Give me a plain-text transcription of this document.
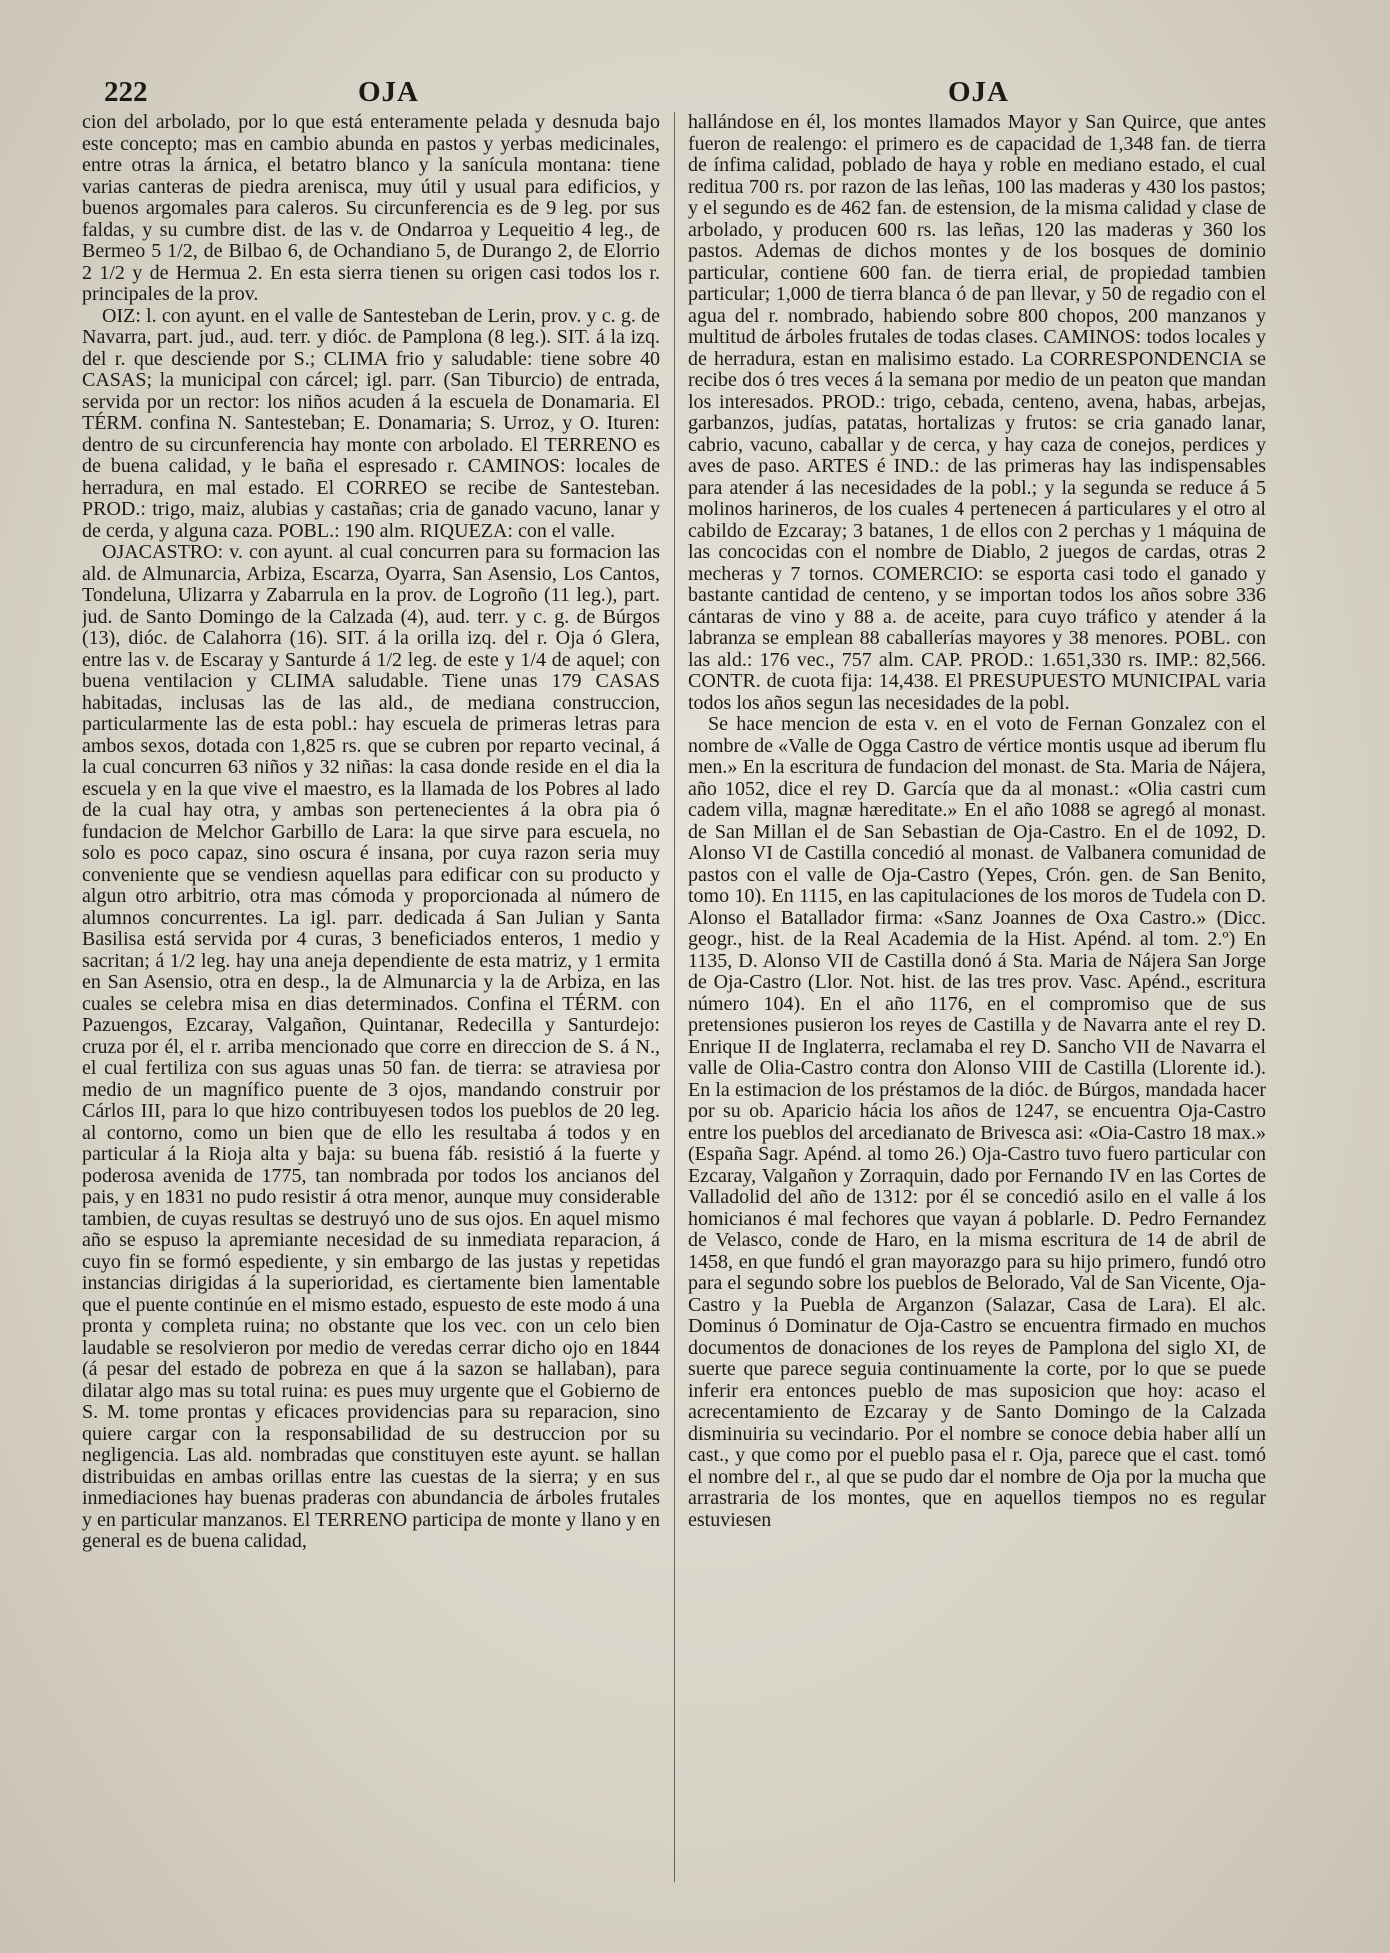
222	OJA	OJA

cion del arbolado, por lo que está enteramente pelada y desnuda bajo este concepto; mas en cambio abunda en pastos y yerbas medicinales, entre otras la árnica, el betatro blanco y la sanícula montana: tiene varias canteras de piedra arenisca, muy útil y usual para edificios, y buenos argomales para caleros. Su circunferencia es de 9 leg. por sus faldas, y su cumbre dist. de las v. de Ondarroa y Lequeitio 4 leg., de Bermeo 5 1/2, de Bilbao 6, de Ochandiano 5, de Durango 2, de Elorrio 2 1/2 y de Hermua 2. En esta sierra tienen su origen casi todos los r. principales de la prov.

OIZ: l. con ayunt. en el valle de Santesteban de Lerin, prov. y c. g. de Navarra, part. jud., aud. terr. y dióc. de Pamplona (8 leg.). SIT. á la izq. del r. que desciende por S.; CLIMA frio y saludable: tiene sobre 40 CASAS; la municipal con cárcel; igl. parr. (San Tiburcio) de entrada, servida por un rector: los niños acuden á la escuela de Donamaria. El TÉRM. confina N. Santesteban; E. Donamaria; S. Urroz, y O. Ituren: dentro de su circunferencia hay monte con arbolado. El TERRENO es de buena calidad, y le baña el espresado r. CAMINOS: locales de herradura, en mal estado. El CORREO se recibe de Santesteban. PROD.: trigo, maiz, alubias y castañas; cria de ganado vacuno, lanar y de cerda, y alguna caza. POBL.: 190 alm. RIQUEZA: con el valle.

OJACASTRO: v. con ayunt. al cual concurren para su formacion las ald. de Almunarcia, Arbiza, Escarza, Oyarra, San Asensio, Los Cantos, Tondeluna, Ulizarra y Zabarrula en la prov. de Logroño (11 leg.), part. jud. de Santo Domingo de la Calzada (4), aud. terr. y c. g. de Búrgos (13), dióc. de Calahorra (16). SIT. á la orilla izq. del r. Oja ó Glera, entre las v. de Escaray y Santurde á 1/2 leg. de este y 1/4 de aquel; con buena ventilacion y CLIMA saludable. Tiene unas 179 CASAS habitadas, inclusas las de las ald., de mediana construccion, particularmente las de esta pobl.: hay escuela de primeras letras para ambos sexos, dotada con 1,825 rs. que se cubren por reparto vecinal, á la cual concurren 63 niños y 32 niñas: la casa donde reside en el dia la escuela y en la que vive el maestro, es la llamada de los Pobres al lado de la cual hay otra, y ambas son pertenecientes á la obra pia ó fundacion de Melchor Garbillo de Lara: la que sirve para escuela, no solo es poco capaz, sino oscura é insana, por cuya razon seria muy conveniente que se vendiesn aquellas para edificar con su producto y algun otro arbitrio, otra mas cómoda y proporcionada al número de alumnos concurrentes. La igl. parr. dedicada á San Julian y Santa Basilisa está servida por 4 curas, 3 beneficiados enteros, 1 medio y sacritan; á 1/2 leg. hay una aneja dependiente de esta matriz, y 1 ermita en San Asensio, otra en desp., la de Almunarcia y la de Arbiza, en las cuales se celebra misa en dias determinados. Confina el TÉRM. con Pazuengos, Ezcaray, Valgañon, Quintanar, Redecilla y Santurdejo: cruza por él, el r. arriba mencionado que corre en direccion de S. á N., el cual fertiliza con sus aguas unas 50 fan. de tierra: se atraviesa por medio de un magnífico puente de 3 ojos, mandando construir por Cárlos III, para lo que hizo contribuyesen todos los pueblos de 20 leg. al contorno, como un bien que de ello les resultaba á todos y en particular á la Rioja alta y baja: su buena fáb. resistió á la fuerte y poderosa avenida de 1775, tan nombrada por todos los ancianos del pais, y en 1831 no pudo resistir á otra menor, aunque muy considerable tambien, de cuyas resultas se destruyó uno de sus ojos. En aquel mismo año se espuso la apremiante necesidad de su inmediata reparacion, á cuyo fin se formó espediente, y sin embargo de las justas y repetidas instancias dirigidas á la superioridad, es ciertamente bien lamentable que el puente continúe en el mismo estado, espuesto de este modo á una pronta y completa ruina; no obstante que los vec. con un celo bien laudable se resolvieron por medio de veredas cerrar dicho ojo en 1844 (á pesar del estado de pobreza en que á la sazon se hallaban), para dilatar algo mas su total ruina: es pues muy urgente que el Gobierno de S. M. tome prontas y eficaces providencias para su reparacion, sino quiere cargar con la responsabilidad de su destruccion por su negligencia. Las ald. nombradas que constituyen este ayunt. se hallan distribuidas en ambas orillas entre las cuestas de la sierra; y en sus inmediaciones hay buenas praderas con abundancia de árboles frutales y en particular manzanos. El TERRENO participa de monte y llano y en general es de buena calidad,

hallándose en él, los montes llamados Mayor y San Quirce, que antes fueron de realengo: el primero es de capacidad de 1,348 fan. de tierra de ínfima calidad, poblado de haya y roble en mediano estado, el cual reditua 700 rs. por razon de las leñas, 100 las maderas y 430 los pastos; y el segundo es de 462 fan. de estension, de la misma calidad y clase de arbolado, y producen 600 rs. las leñas, 120 las maderas y 360 los pastos. Ademas de dichos montes y de los bosques de dominio particular, contiene 600 fan. de tierra erial, de propiedad tambien particular; 1,000 de tierra blanca ó de pan llevar, y 50 de regadio con el agua del r. nombrado, habiendo sobre 800 chopos, 200 manzanos y multitud de árboles frutales de todas clases. CAMINOS: todos locales y de herradura, estan en malisimo estado. La CORRESPONDENCIA se recibe dos ó tres veces á la semana por medio de un peaton que mandan los interesados. PROD.: trigo, cebada, centeno, avena, habas, arbejas, garbanzos, judías, patatas, hortalizas y frutos: se cria ganado lanar, cabrio, vacuno, caballar y de cerca, y hay caza de conejos, perdices y aves de paso. ARTES é IND.: de las primeras hay las indispensables para atender á las necesidades de la pobl.; y la segunda se reduce á 5 molinos harineros, de los cuales 4 pertenecen á particulares y el otro al cabildo de Ezcaray; 3 batanes, 1 de ellos con 2 perchas y 1 máquina de las concocidas con el nombre de Diablo, 2 juegos de cardas, otras 2 mecheras y 7 tornos. COMERCIO: se esporta casi todo el ganado y bastante cantidad de centeno, y se importan todos los años sobre 336 cántaras de vino y 88 a. de aceite, para cuyo tráfico y atender á la labranza se emplean 88 caballerías mayores y 38 menores. POBL. con las ald.: 176 vec., 757 alm. CAP. PROD.: 1.651,330 rs. IMP.: 82,566. CONTR. de cuota fija: 14,438. El PRESUPUESTO MUNICIPAL varia todos los años segun las necesidades de la pobl.

Se hace mencion de esta v. en el voto de Fernan Gonzalez con el nombre de «Valle de Ogga Castro de vértice montis usque ad iberum flu men.» En la escritura de fundacion del monast. de Sta. Maria de Nájera, año 1052, dice el rey D. García que da al monast.: «Olia castri cum cadem villa, magnæ hæreditate.» En el año 1088 se agregó al monast. de San Millan el de San Sebastian de Oja-Castro. En el de 1092, D. Alonso VI de Castilla concedió al monast. de Valbanera comunidad de pastos con el valle de Oja-Castro (Yepes, Crón. gen. de San Benito, tomo 10). En 1115, en las capitulaciones de los moros de Tudela con D. Alonso el Batallador firma: «Sanz Joannes de Oxa Castro.» (Dicc. geogr., hist. de la Real Academia de la Hist. Apénd. al tom. 2.º) En 1135, D. Alonso VII de Castilla donó á Sta. Maria de Nájera San Jorge de Oja-Castro (Llor. Not. hist. de las tres prov. Vasc. Apénd., escritura número 104). En el año 1176, en el compromiso que de sus pretensiones pusieron los reyes de Castilla y de Navarra ante el rey D. Enrique II de Inglaterra, reclamaba el rey D. Sancho VII de Navarra el valle de Olia-Castro contra don Alonso VIII de Castilla (Llorente id.). En la estimacion de los préstamos de la dióc. de Búrgos, mandada hacer por su ob. Aparicio hácia los años de 1247, se encuentra Oja-Castro entre los pueblos del arcedianato de Brivesca asi: «Oia-Castro 18 max.» (España Sagr. Apénd. al tomo 26.) Oja-Castro tuvo fuero particular con Ezcaray, Valgañon y Zorraquin, dado por Fernando IV en las Cortes de Valladolid del año de 1312: por él se concedió asilo en el valle á los homicianos é mal fechores que vayan á poblarle. D. Pedro Fernandez de Velasco, conde de Haro, en la misma escritura de 14 de abril de 1458, en que fundó el gran mayorazgo para su hijo primero, fundó otro para el segundo sobre los pueblos de Belorado, Val de San Vicente, Oja-Castro y la Puebla de Arganzon (Salazar, Casa de Lara). El alc. Dominus ó Dominatur de Oja-Castro se encuentra firmado en muchos documentos de donaciones de los reyes de Pamplona del siglo XI, de suerte que parece seguia continuamente la corte, por lo que se puede inferir era entonces pueblo de mas suposicion que hoy: acaso el acrecentamiento de Ezcaray y de Santo Domingo de la Calzada disminuiria su vecindario. Por el nombre se conoce debia haber allí un cast., y que como por el pueblo pasa el r. Oja, parece que el cast. tomó el nombre del r., al que se pudo dar el nombre de Oja por la mucha que arrastraria de los montes, que en aquellos tiempos no es regular estuviesen
